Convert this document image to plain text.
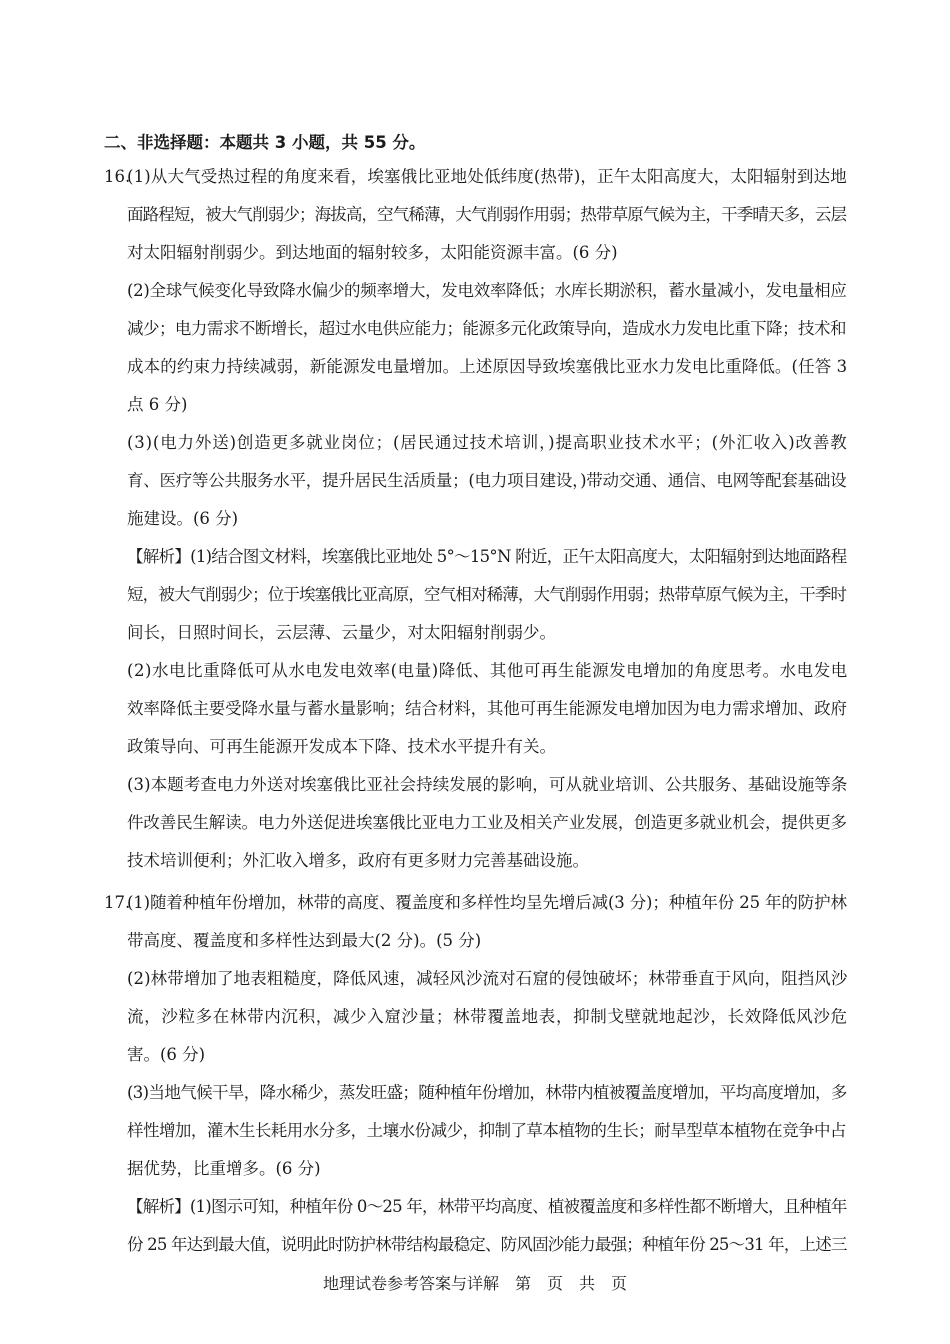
二、非选择题：本题共 3 小题，共 55 分。
16.
(1)从大气受热过程的角度来看，埃塞俄比亚地处低纬度(热带)，正午太阳高度大，太阳辐射到达地
面路程短，被大气削弱少；海拔高，空气稀薄，大气削弱作用弱；热带草原气候为主，干季晴天多，云层
对太阳辐射削弱少。到达地面的辐射较多，太阳能资源丰富。(6 分)
(2)全球气候变化导致降水偏少的频率增大，发电效率降低；水库长期淤积，蓄水量减小，发电量相应
减少；电力需求不断增长，超过水电供应能力；能源多元化政策导向，造成水力发电比重下降；技术和
成本的约束力持续减弱，新能源发电量增加。上述原因导致埃塞俄比亚水力发电比重降低。(任答 3
点 6 分)
(3)(电力外送)创造更多就业岗位；(居民通过技术培训，)提高职业技术水平；(外汇收入)改善教
育、医疗等公共服务水平，提升居民生活质量；(电力项目建设，)带动交通、通信、电网等配套基础设
施建设。(6 分)
【解析】(1)结合图文材料，埃塞俄比亚地处 5°～15°N 附近，正午太阳高度大，太阳辐射到达地面路程
短，被大气削弱少；位于埃塞俄比亚高原，空气相对稀薄，大气削弱作用弱；热带草原气候为主，干季时
间长，日照时间长，云层薄、云量少，对太阳辐射削弱少。
(2)水电比重降低可从水电发电效率(电量)降低、其他可再生能源发电增加的角度思考。水电发电
效率降低主要受降水量与蓄水量影响；结合材料，其他可再生能源发电增加因为电力需求增加、政府
政策导向、可再生能源开发成本下降、技术水平提升有关。
(3)本题考查电力外送对埃塞俄比亚社会持续发展的影响，可从就业培训、公共服务、基础设施等条
件改善民生解读。电力外送促进埃塞俄比亚电力工业及相关产业发展，创造更多就业机会，提供更多
技术培训便利；外汇收入增多，政府有更多财力完善基础设施。
17.
(1)随着种植年份增加，林带的高度、覆盖度和多样性均呈先增后减(3 分)；种植年份 25 年的防护林
带高度、覆盖度和多样性达到最大(2 分)。(5 分)
(2)林带增加了地表粗糙度，降低风速，减轻风沙流对石窟的侵蚀破坏；林带垂直于风向，阻挡风沙
流，沙粒多在林带内沉积，减少入窟沙量；林带覆盖地表，抑制戈壁就地起沙，长效降低风沙危
害。(6 分)
(3)当地气候干旱，降水稀少，蒸发旺盛；随种植年份增加，林带内植被覆盖度增加，平均高度增加，多
样性增加，灌木生长耗用水分多，土壤水份减少，抑制了草本植物的生长；耐旱型草本植物在竞争中占
据优势，比重增多。(6 分)
【解析】(1)图示可知，种植年份 0～25 年，林带平均高度、植被覆盖度和多样性都不断增大，且种植年
份 25 年达到最大值，说明此时防护林带结构最稳定、防风固沙能力最强；种植年份 25～31 年，上述三
地理试卷参考答案与详解　第　页　共　页
